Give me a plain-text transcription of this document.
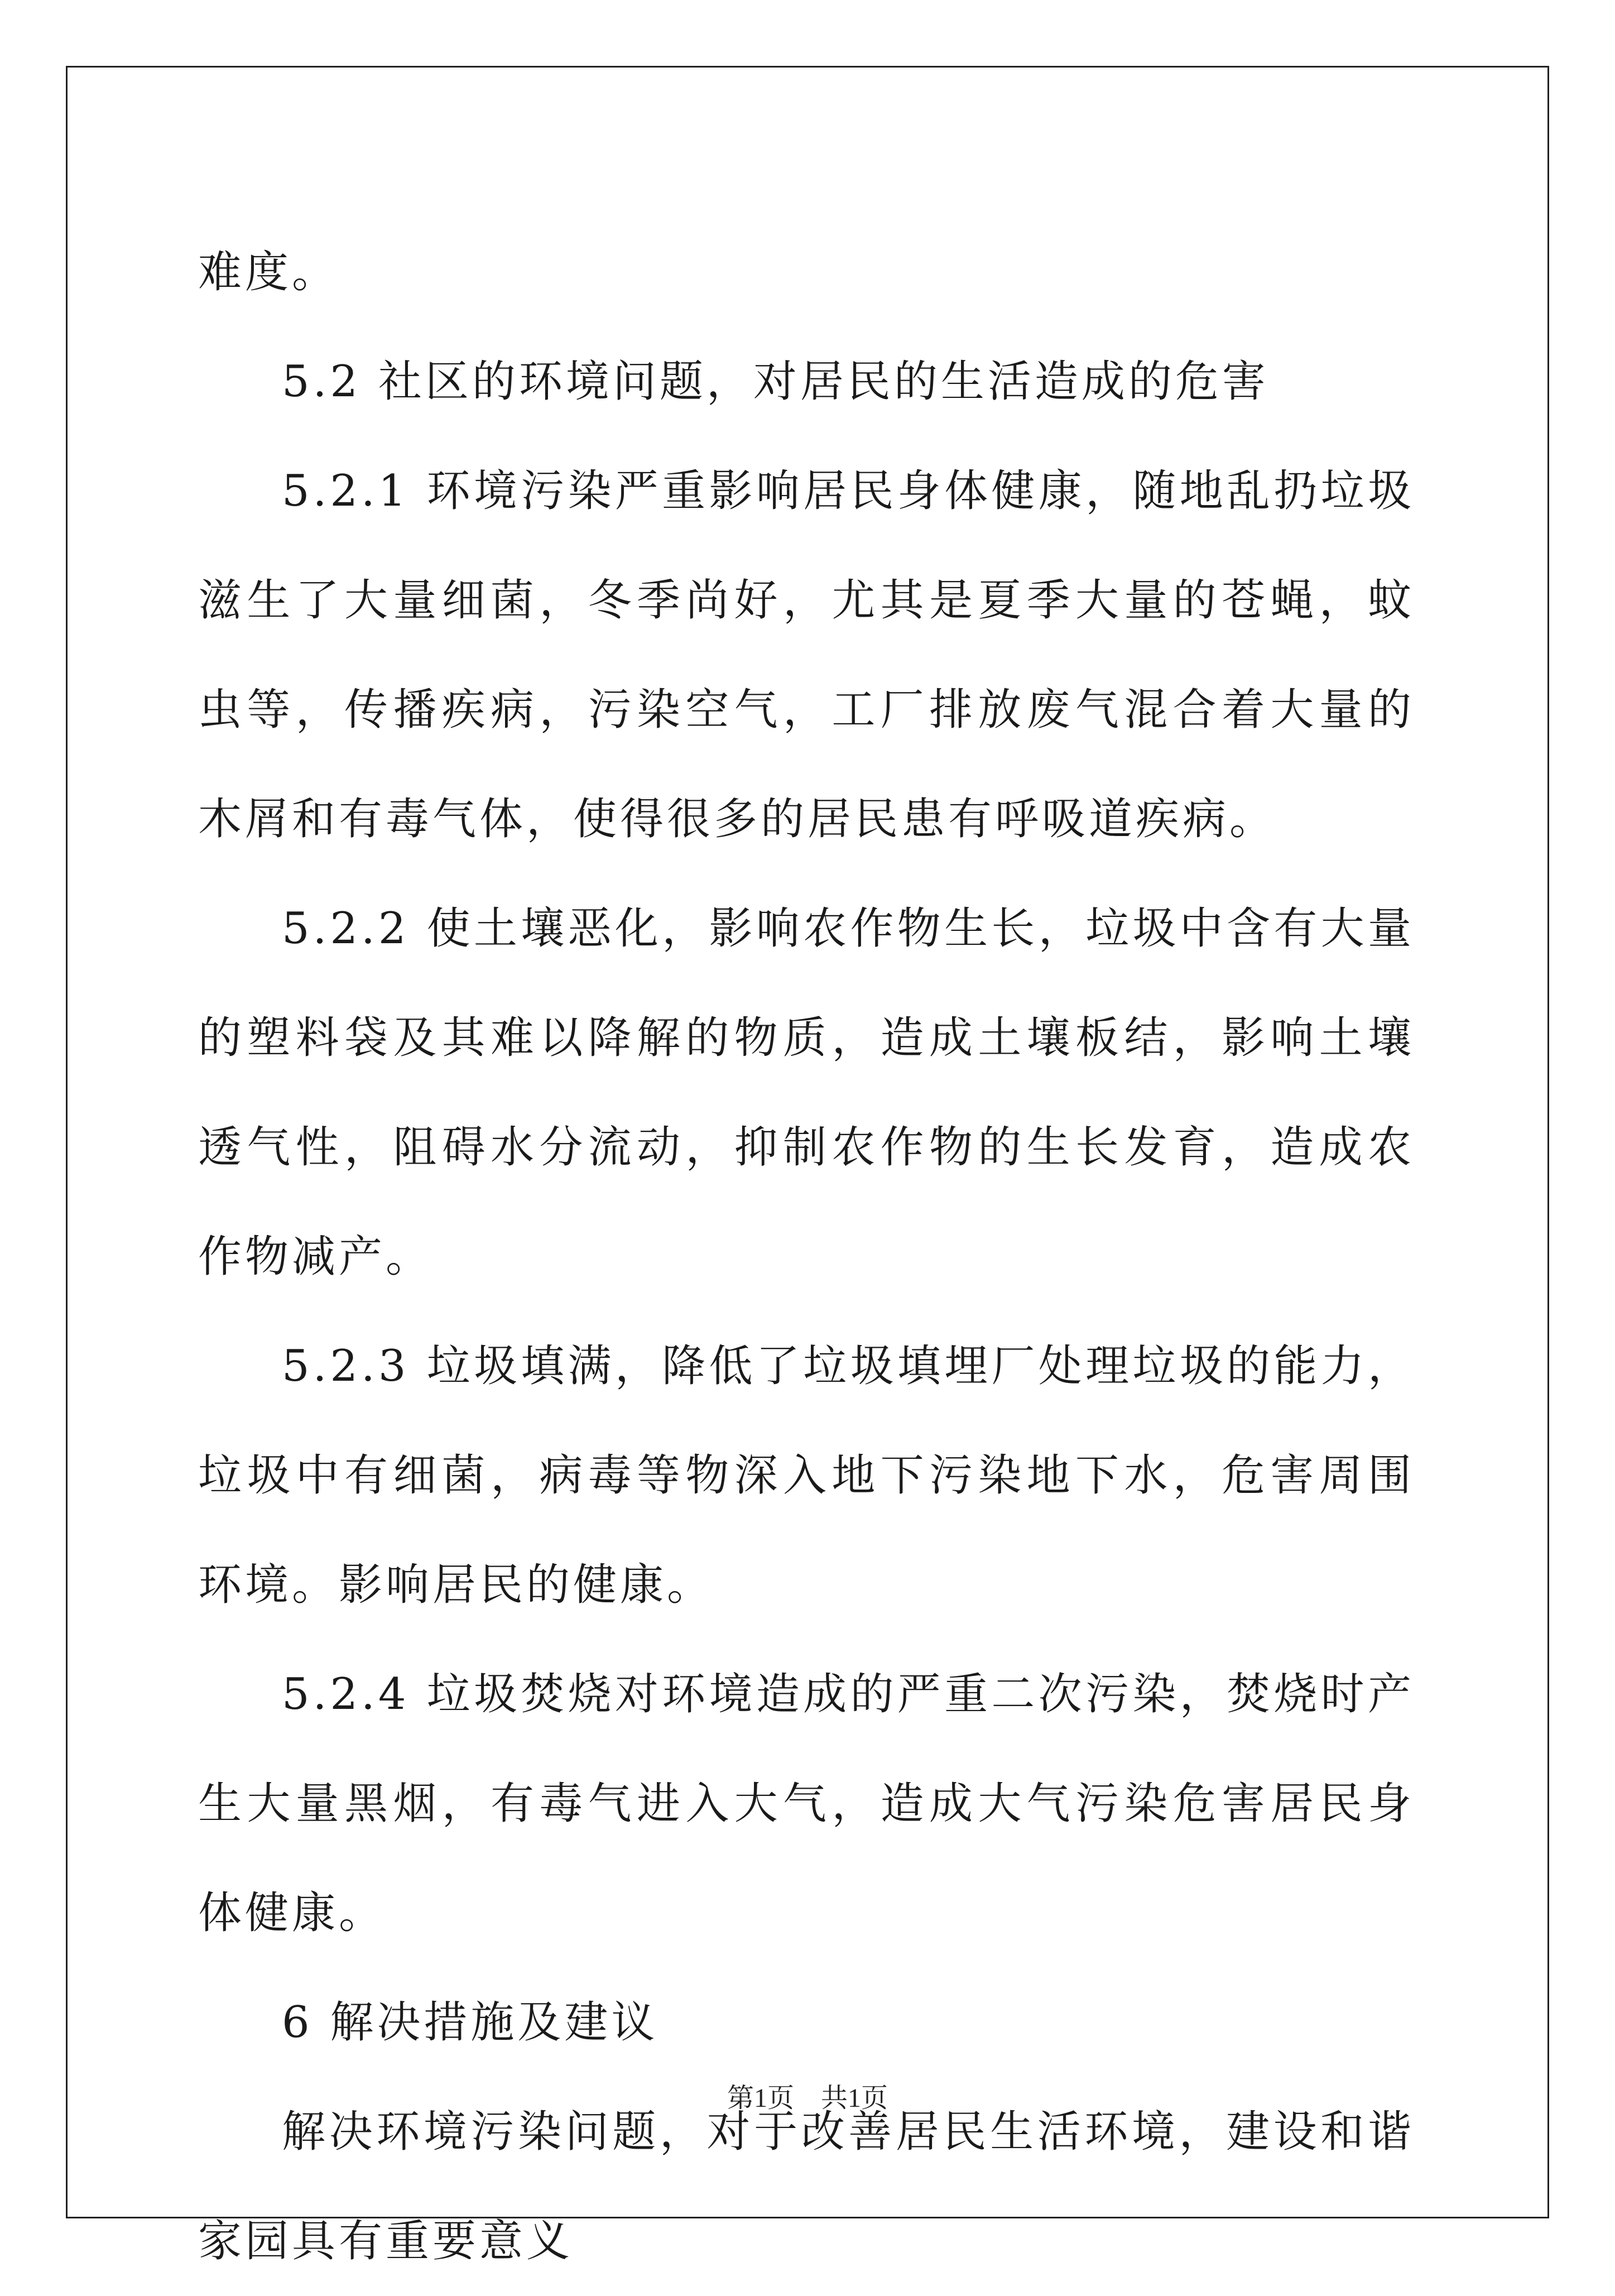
难度。

5.2 社区的环境问题，对居民的生活造成的危害

5.2.1 环境污染严重影响居民身体健康，随地乱扔垃圾滋生了大量细菌，冬季尚好，尤其是夏季大量的苍蝇，蚊虫等，传播疾病，污染空气，工厂排放废气混合着大量的木屑和有毒气体，使得很多的居民患有呼吸道疾病。

5.2.2 使土壤恶化，影响农作物生长，垃圾中含有大量的塑料袋及其难以降解的物质，造成土壤板结，影响土壤透气性，阻碍水分流动，抑制农作物的生长发育，造成农作物减产。

5.2.3 垃圾填满，降低了垃圾填埋厂处理垃圾的能力，垃圾中有细菌，病毒等物深入地下污染地下水，危害周围环境。影响居民的健康。

5.2.4 垃圾焚烧对环境造成的严重二次污染，焚烧时产生大量黑烟，有毒气进入大气，造成大气污染危害居民身体健康。

6 解决措施及建议

解决环境污染问题，对于改善居民生活环境，建设和谐家园具有重要意义

第1页 共1页
